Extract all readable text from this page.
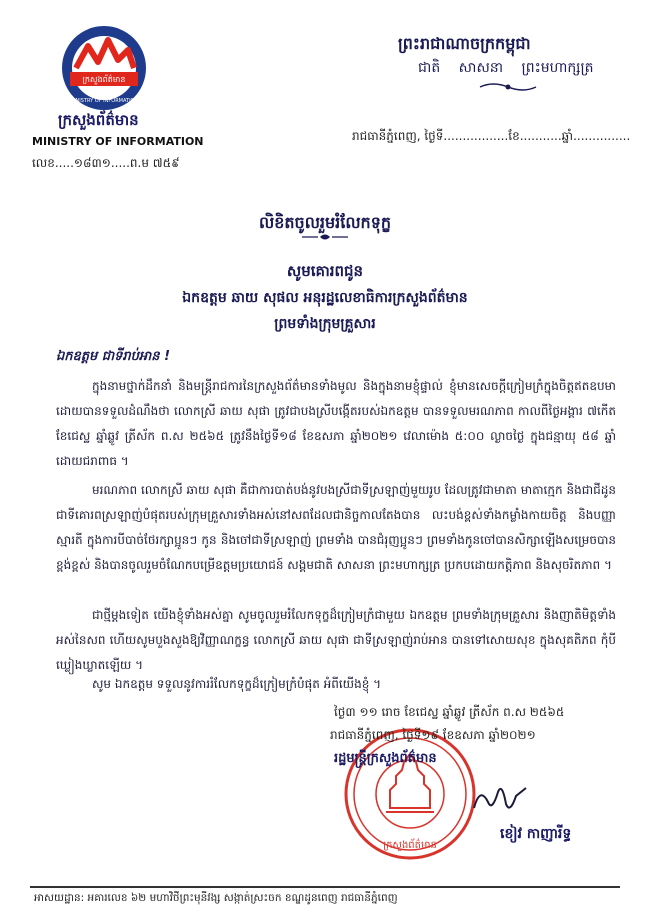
ក្រសួងព័ត៌មាន
MINISTRY OF INFORMATION
ក្រសួងព័ត៌មាន
MINISTRY OF INFORMATION
លេខ.....១៨៣១.....ព.ម ៧៥៩
ព្រះរាជាណាចក្រកម្ពុជា
ជាតិ សាសនា ព្រះមហាក្សត្រ
រាជធានីភ្នំពេញ, ថ្ងៃទី.................ខែ...........ឆ្នាំ...............
លិខិតចូលរួមរំលែកទុក្ខ
សូមគោរពជូន
ឯកឧត្ដម ឆាយ សុផល អនុរដ្ឋលេខាធិការក្រសួងព័ត៌មាន
ព្រមទាំងក្រុមគ្រួសារ
ឯកឧត្តម ជាទីរាប់អាន !
ក្នុងនាមថ្នាក់ដឹកនាំ និងមន្ត្រីរាជការនៃក្រសួងព័ត៌មានទាំងមូល និងក្នុងនាមខ្ញុំផ្ទាល់ ខ្ញុំមានសេចក្ដីក្រៀមក្រំក្នុងចិត្តឥតឧបមា ដោយបានទទួលដំណឹងថា លោកស្រី ឆាយ សុផា ត្រូវជាបងស្រីបង្កើតរបស់ឯកឧត្តម បានទទួលមរណភាព កាលពីថ្ងៃអង្គារ ៧កើត ខែជេស្ឋ ឆ្នាំឆ្លូវ ត្រីស័ក ព.ស ២៥៦៥ ត្រូវនឹងថ្ងៃទី១៨ ខែឧសភា ឆ្នាំ២០២១ វេលាម៉ោង ៥:០០ ល្ងាចថ្ងៃ ក្នុងជន្មាយុ ៥៨ ឆ្នាំ ដោយជរាពាធ ។
មរណភាព លោកស្រី ឆាយ សុផា គឺជាការបាត់បង់នូវបងស្រីជាទីស្រឡាញ់មួយរូប ដែលត្រូវជាមាតា មាតាក្មេក និងជាជីដូន ជាទីគោរពស្រឡាញ់បំផុតរបស់ក្រុមគ្រួសារទាំងអស់នៅសពដែលជានិច្ចកាលតែងបាន លះបង់ខ្ពស់ទាំងកម្លាំងកាយចិត្ត និងបញ្ញា ស្មារតី ក្នុងការបីបាច់ថែរក្សាប្អូនៗ កូន និងចៅជាទីស្រឡាញ់ ព្រមទាំង បានជំរុញប្អូនៗ ព្រមទាំងកូនចៅបានសិក្សាឡើងសម្រេចបានខ្ពង់ខ្ពស់ និងបានចូលរួមចំណែកបម្រើឧត្តមប្រយោជន៍ សង្គមជាតិ សាសនា ព្រះមហាក្សត្រ ប្រកបដោយកត្តិភាព និងសុចរិតភាព ។
ជាថ្មីម្ដងទៀត យើងខ្ញុំទាំងអស់គ្នា សូមចូលរួមរំលែកទុក្ខដ៏ក្រៀមក្រំជាមួយ ឯកឧត្តម ព្រមទាំងក្រុមគ្រួសារ និងញាតិមិត្តទាំងអស់នៃសព ហើយសូមបួងសួងឱ្យវិញ្ញាណក្ខន្ធ លោកស្រី ឆាយ សុផា ជាទីស្រឡាញ់រាប់អាន បានទៅសោយសុខ ក្នុងសុគតិភព កុំបីឃ្លៀងឃ្លាតឡើយ ។
សូម ឯកឧត្តម ទទួលនូវការរំលែកទុក្ខដ៏ក្រៀមក្រំបំផុត អំពីយើងខ្ញុំ ។
ក្រសួងព័ត៌មាន
ថ្ងៃ៣ ១១ រោច ខែជេស្ឋ ឆ្នាំឆ្លូវ ត្រីស័ក ព.ស ២៥៦៥
រាជធានីភ្នំពេញ, ថ្ងៃទី១៩ ខែឧសភា ឆ្នាំ២០២១
រដ្ឋមន្ត្រីក្រសួងព័ត៌មាន
ខៀវ កាញារីទ្ធ
អាសយដ្ឋាន: អគារលេខ ៦២ មហាវិថីព្រះមុនីវង្ស សង្កាត់ស្រះចក ខណ្ឌដូនពេញ រាជធានីភ្នំពេញ
